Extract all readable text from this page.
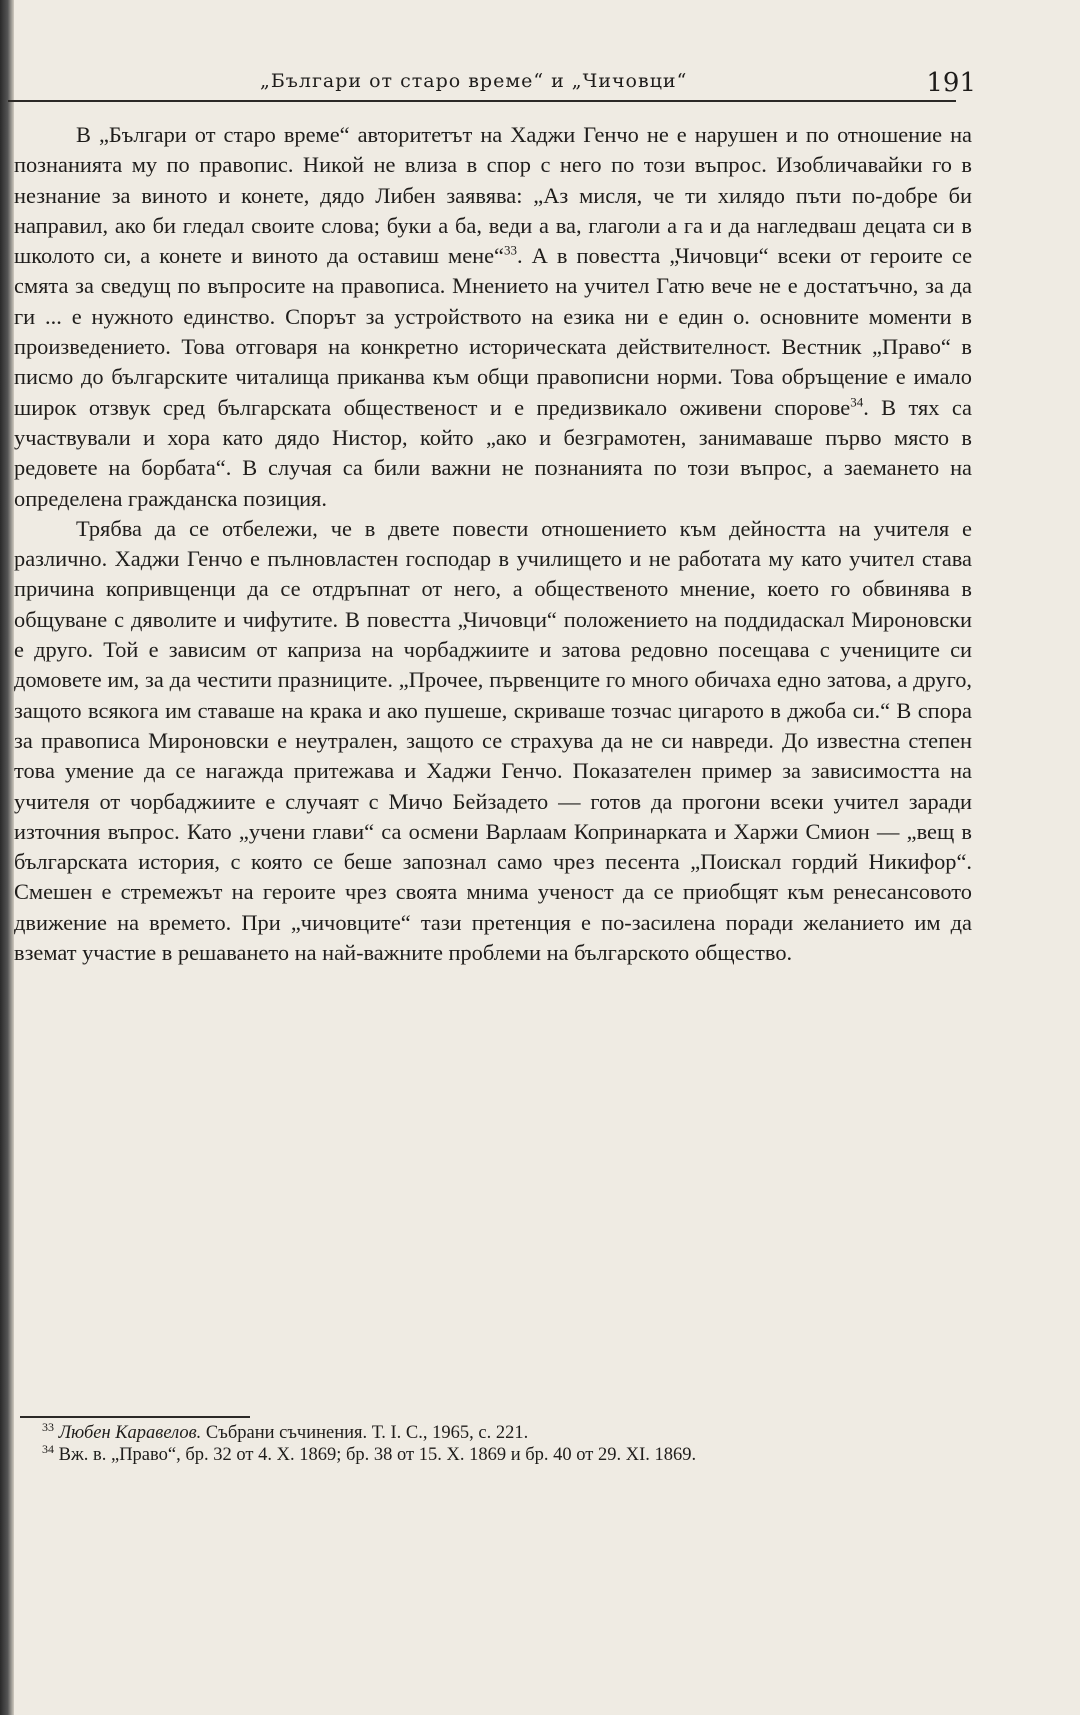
„Българи от старо време“ и „Чичовци“	191

В „Българи от старо време“ авторитетът на Хаджи Генчо не е нарушен и по отношение на познанията му по правопис. Никой не влиза в спор с него по този въпрос. Изобличавайки го в незнание за виното и конете, дядо Либен заявява: „Аз мисля, че ти хилядо пъти по-добре би направил, ако би гледал своите слова; буки а ба, веди а ва, глаголи а га и да нагледваш децата си в школото си, а конете и виното да оставиш мене“$^{33}$. А в повестта „Чичовци“ всеки от героите се смята за сведущ по въпросите на правописа. Мнението на учител Гатю вече не е достатъчно, за да ги ... е нужното единство. Спорът за устройството на езика ни е един о. основните моменти в произведението. Това отговаря на конкретно историческата действителност. Вестник „Право“ в писмо до българските читалища приканва към общи правописни норми. Това обръщение е имало широк отзвук сред българската общественост и е предизвикало оживени спорове$^{34}$. В тях са участвували и хора като дядо Нистор, който „ако и безграмотен, занимаваше първо място в редовете на борбата“. В случая са били важни не познанията по този въпрос, а заемането на определена гражданска позиция.

Трябва да се отбележи, че в двете повести отношението към дейността на учителя е различно. Хаджи Генчо е пълновластен господар в училището и не работата му като учител става причина копривщенци да се отдръпнат от него, а общественото мнение, което го обвинява в общуване с дяволите и чифутите. В повестта „Чичовци“ положението на поддидаскал Мироновски е друго. Той е зависим от каприза на чорбаджиите и затова редовно посещава с учениците си домовете им, за да честити празниците. „Прочее, първенците го много обичаха едно затова, а друго, защото всякога им ставаше на крака и ако пушеше, скриваше тозчас цигарото в джоба си.“ В спора за правописа Мироновски е неутрален, защото се страхува да не си навреди. До известна степен това умение да се нагажда притежава и Хаджи Генчо. Показателен пример за зависимостта на учителя от чорбаджиите е случаят с Мичо Бейзадето — готов да прогони всеки учител заради източния въпрос. Като „учени глави“ са осмени Варлаам Копринарката и Харжи Смион — „вещ в българската история, с която се беше запознал само чрез песента „Поискал гордий Никифор“. Смешен е стремежът на героите чрез своята мнима ученост да се приобщят към ренесансовото движение на времето. При „чичовците“ тази претенция е по-засилена поради желанието им да вземат участие в решаването на най-важните проблеми на българското общество.

$^{33}$ Любен Каравелов. Събрани съчинения. Т. I. С., 1965, с. 221.

$^{34}$ Вж. в. „Право“, бр. 32 от 4. X. 1869; бр. 38 от 15. X. 1869 и бр. 40 от 29. XI. 1869.
